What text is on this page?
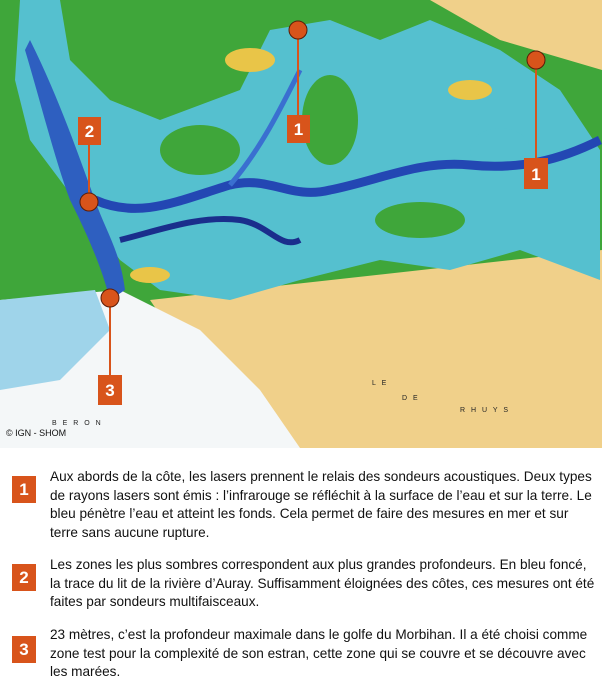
B E R O N
L E
D E
R H U Y S
1
1
2
3
© IGN - SHOM
1
Aux abords de la côte, les lasers prennent le relais des sondeurs acoustiques. Deux types de rayons lasers sont émis : l’infrarouge se réfléchit à la surface de l’eau et sur la terre. Le bleu pénètre l’eau et atteint les fonds. Cela permet de faire des mesures en mer et sur terre sans aucune rupture.
2
Les zones les plus sombres correspondent aux plus grandes profondeurs. En bleu foncé, la trace du lit de la rivière d’Auray. Suffisamment éloignées des côtes, ces mesures ont été faites par sondeurs multifaisceaux.
3
23 mètres, c’est la profondeur maximale dans le golfe du Morbihan. Il a été choisi comme zone test pour la complexité de son estran, cette zone qui se couvre et se découvre avec les marées.
